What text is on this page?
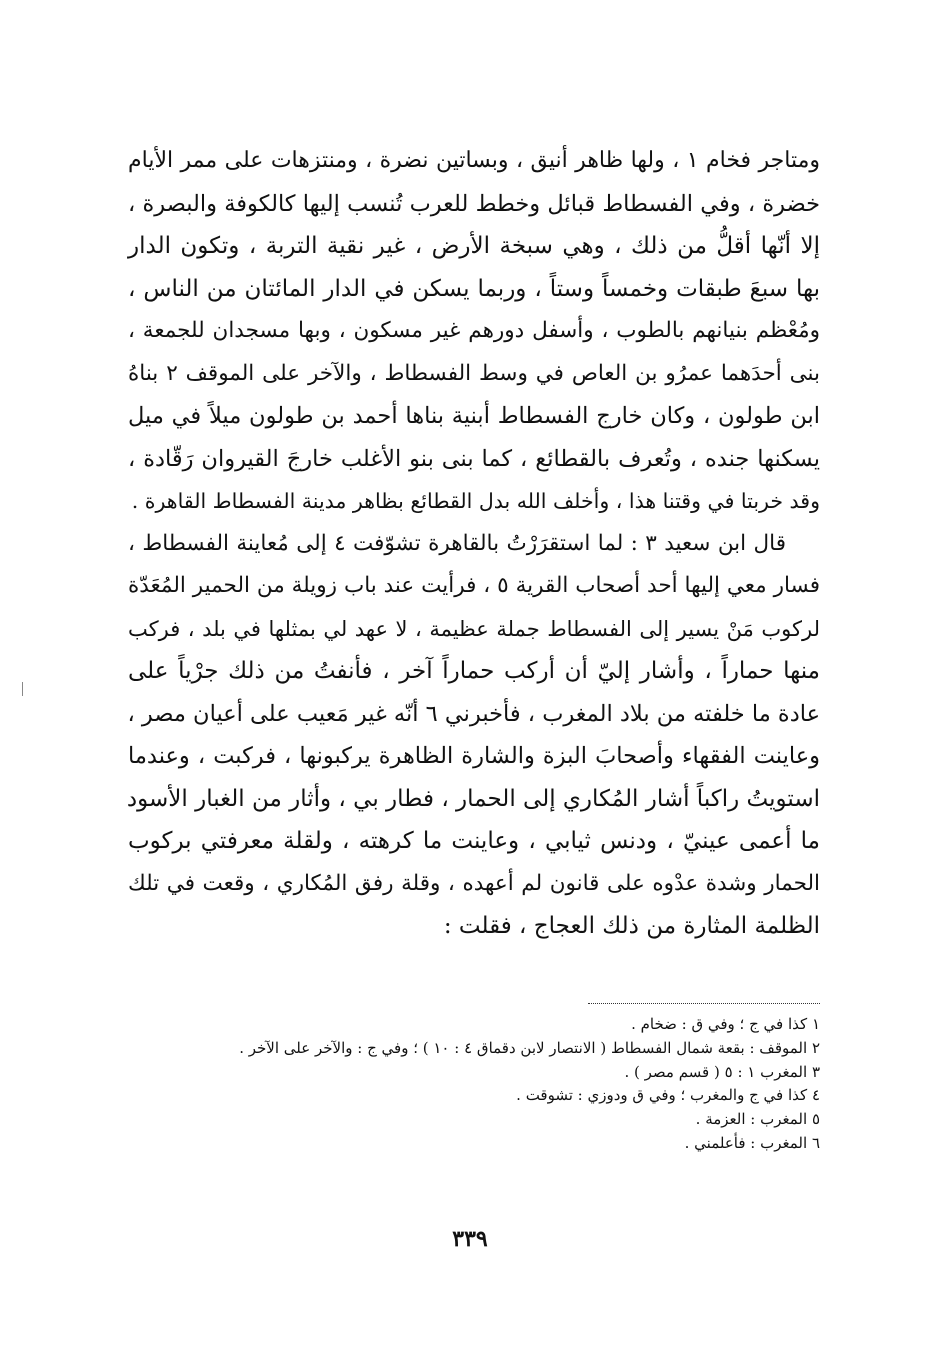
ومتاجر فخام ١ ، ولها ظاهر أنيق ، وبساتين نضرة ، ومنتزهات على ممر الأيام
خضرة ، وفي الفسطاط قبائل وخطط للعرب تُنسب إليها كالكوفة والبصرة ،
إلا أنّها أقلُّ من ذلك ، وهي سبخة الأرض ، غير نقية التربة ، وتكون الدار
بها سبعَ طبقات وخمساً وستاً ، وربما يسكن في الدار المائتان من الناس ،
ومُعْظم بنيانهم بالطوب ، وأسفل دورهم غير مسكون ، وبها مسجدان للجمعة ،
بنى أحدَهما عمرُو بن العاص في وسط الفسطاط ، والآخر على الموقف ٢ بناهُ
ابن طولون ، وكان خارج الفسطاط أبنية بناها أحمد بن طولون ميلاً في ميل
يسكنها جنده ، وتُعرف بالقطائع ، كما بنى بنو الأغلب خارجَ القيروان رَقّادة ،
وقد خربتا في وقتنا هذا ، وأخلف الله بدل القطائع بظاهر مدينة الفسطاط القاهرة .
قال ابن سعيد ٣ : لما استقرَرْتُ بالقاهرة تشوّفت ٤ إلى مُعاينة الفسطاط ،
فسار معي إليها أحد أصحاب القرية ٥ ، فرأيت عند باب زويلة من الحمير المُعَدّة
لركوب مَنْ يسير إلى الفسطاط جملة عظيمة ، لا عهد لي بمثلها في بلد ، فركب
منها حماراً ، وأشار إليّ أن أركب حماراً آخر ، فأنفتُ من ذلك جرْياً على
عادة ما خلفته من بلاد المغرب ، فأخبرني ٦ أنّه غير مَعيب على أعيان مصر ،
وعاينت الفقهاء وأصحابَ البزة والشارة الظاهرة يركبونها ، فركبت ، وعندما
استويتُ راكباً أشار المُكاري إلى الحمار ، فطار بي ، وأثار من الغبار الأسود
ما أعمى عينيّ ، ودنس ثيابي ، وعاينت ما كرهته ، ولقلة معرفتي بركوب
الحمار وشدة عدْوه على قانون لم أعهده ، وقلة رفق المُكاري ، وقعت في تلك
الظلمة المثارة من ذلك العجاج ، فقلت :
١ كذا في ج ؛ وفي ق : ضخام .
٢ الموقف : بقعة شمال الفسطاط ( الانتصار لابن دقماق ٤ : ١٠ ) ؛ وفي ج : والآخر على الآخر .
٣ المغرب ١ : ٥ ( قسم مصر ) .
٤ كذا في ج والمغرب ؛ وفي ق ودوزي : تشوقت .
٥ المغرب : العزمة .
٦ المغرب : فأعلمني .
٣٣٩
